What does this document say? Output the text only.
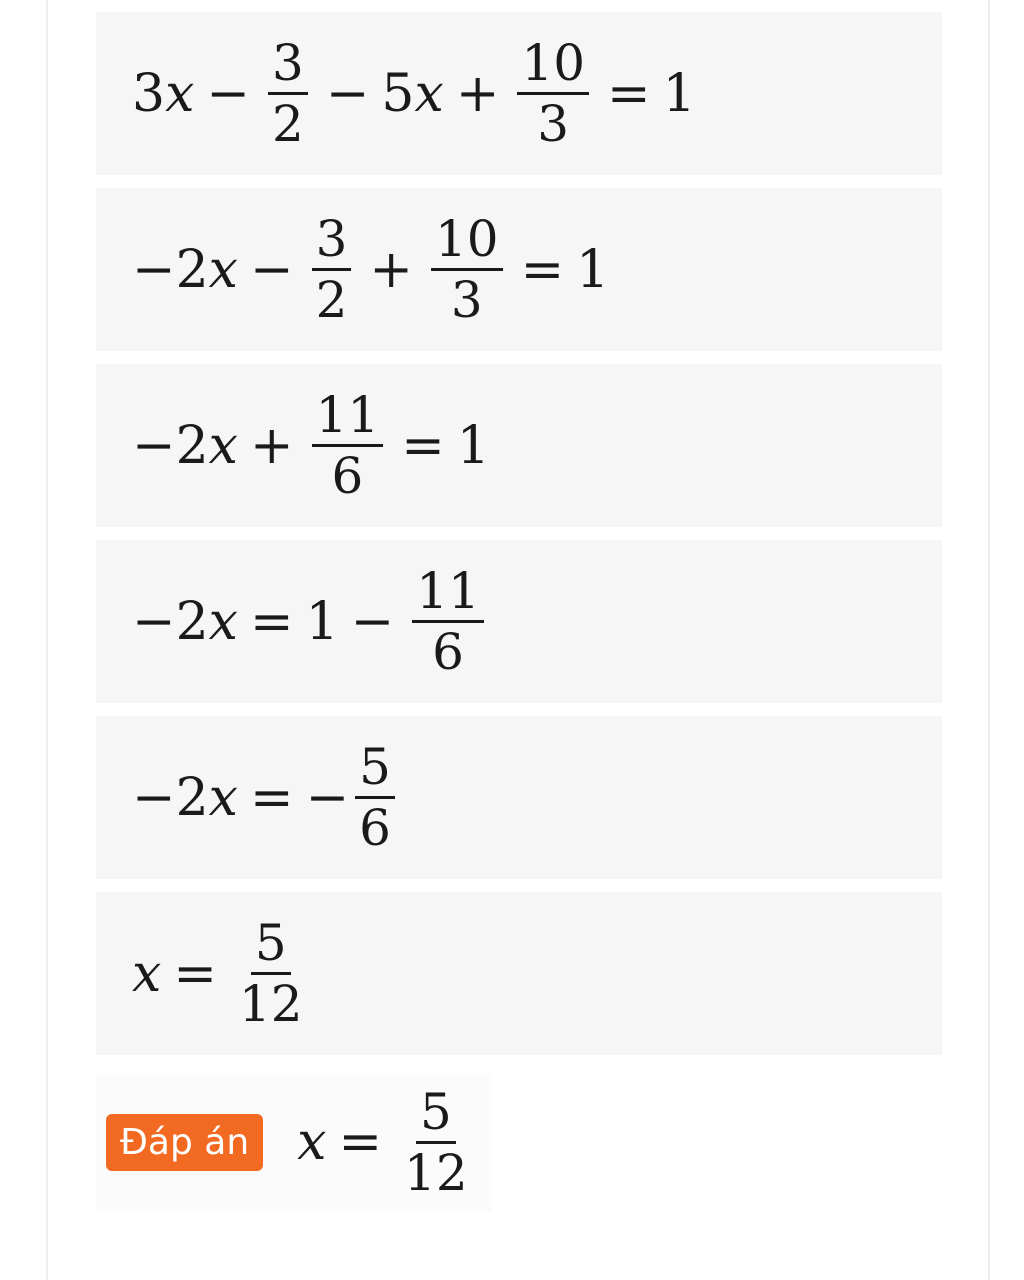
3 $x - \frac{3}{2} - 5$ $x + \frac{10}{3} = 1$
−2 $x - \frac{3}{2} + \frac{10}{3} = 1$
−2 $x + \frac{11}{6} = 1$
−2 $x = 1 - \frac{11}{6}$
−2 x = − $\frac{5}{6}$
$x = \frac{5}{12}$
Đáp án $x = \frac{5}{12}$
